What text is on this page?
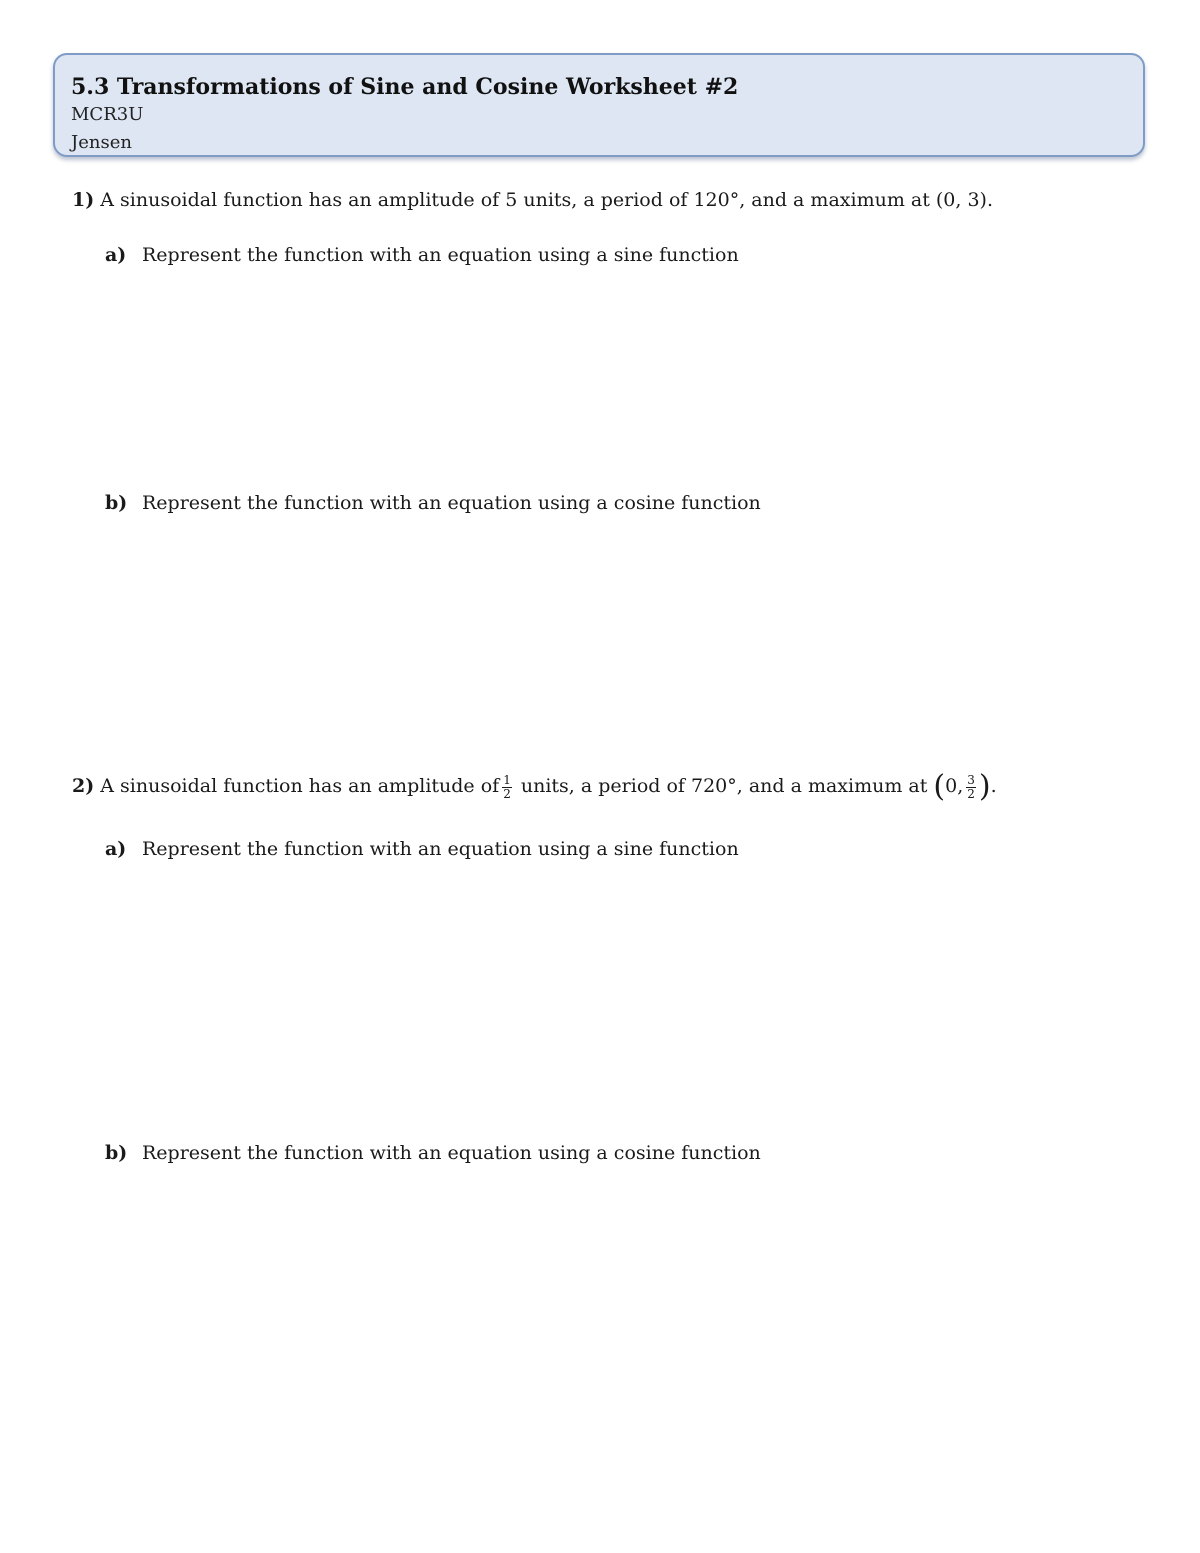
5.3 Transformations of Sine and Cosine Worksheet #2
MCR3U
Jensen
1) A sinusoidal function has an amplitude of 5 units, a period of 120°, and a maximum at (0, 3).
a) Represent the function with an equation using a sine function
b) Represent the function with an equation using a cosine function
2) A sinusoidal function has an amplitude of $\frac{1}{2}$ units, a period of 720°, and a maximum at (0, $\frac{3}{2}$ ).
a) Represent the function with an equation using a sine function
b) Represent the function with an equation using a cosine function
